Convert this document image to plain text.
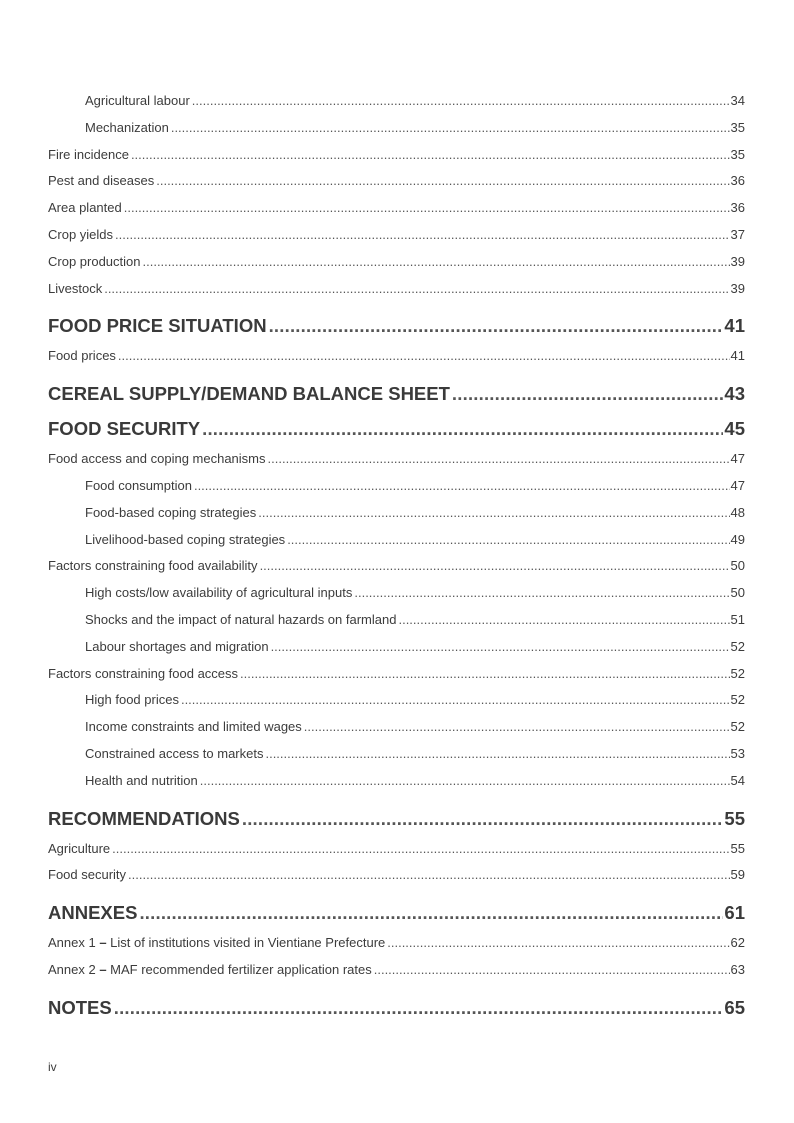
Agricultural labour .....	34
Mechanization .....	35
Fire incidence .....	35
Pest and diseases .....	36
Area planted .....	36
Crop yields .....	37
Crop production .....	39
Livestock .....	39
FOOD PRICE SITUATION .....	41
Food prices .....	41
CEREAL SUPPLY/DEMAND BALANCE SHEET .....	43
FOOD SECURITY .....	45
Food access and coping mechanisms .....	47
Food consumption .....	47
Food-based coping strategies .....	48
Livelihood-based coping strategies .....	49
Factors constraining food availability .....	50
High costs/low availability of agricultural inputs .....	50
Shocks and the impact of natural hazards on farmland .....	51
Labour shortages and migration .....	52
Factors constraining food access .....	52
High food prices .....	52
Income constraints and limited wages .....	52
Constrained access to markets .....	53
Health and nutrition .....	54
RECOMMENDATIONS .....	55
Agriculture .....	55
Food security .....	59
ANNEXES .....	61
Annex 1 – List of institutions visited in Vientiane Prefecture .....	62
Annex 2 – MAF recommended fertilizer application rates .....	63
NOTES .....	65
iv
